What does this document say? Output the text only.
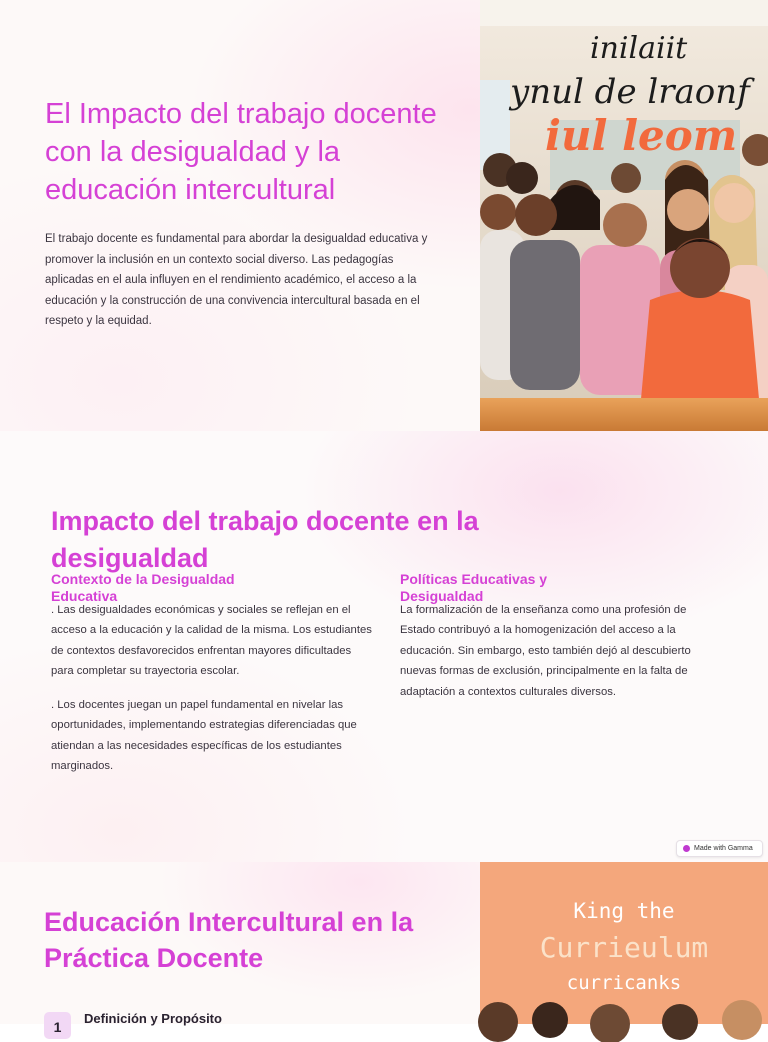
El Impacto del trabajo docente con la desigualdad y la educación intercultural

El trabajo docente es fundamental para abordar la desigualdad educativa y promover la inclusión en un contexto social diverso. Las pedagogías aplicadas en el aula influyen en el rendimiento académico, el acceso a la educación y la construcción de una convivencia intercultural basada en el respeto y la equidad.

inilaiit
ynul de lraonf
iul leom
Impacto del trabajo docente en la desigualdad
Contexto de la Desigualdad Educativa

. Las desigualdades económicas y sociales se reflejan en el acceso a la educación y la calidad de la misma. Los estudiantes de contextos desfavorecidos enfrentan mayores dificultades para completar su trayectoria escolar.

. Los docentes juegan un papel fundamental en nivelar las oportunidades, implementando estrategias diferenciadas que atiendan a las necesidades específicas de los estudiantes marginados.

Políticas Educativas y Desigualdad

La formalización de la enseñanza como una profesión de Estado contribuyó a la homogenización del acceso a la educación. Sin embargo, esto también dejó al descubierto nuevas formas de exclusión, principalmente en la falta de adaptación a contextos culturales diversos.

Made with Gamma
Educación Intercultural en la Práctica Docente
1
Definición y Propósito
King the
Currieulum
curricanks
